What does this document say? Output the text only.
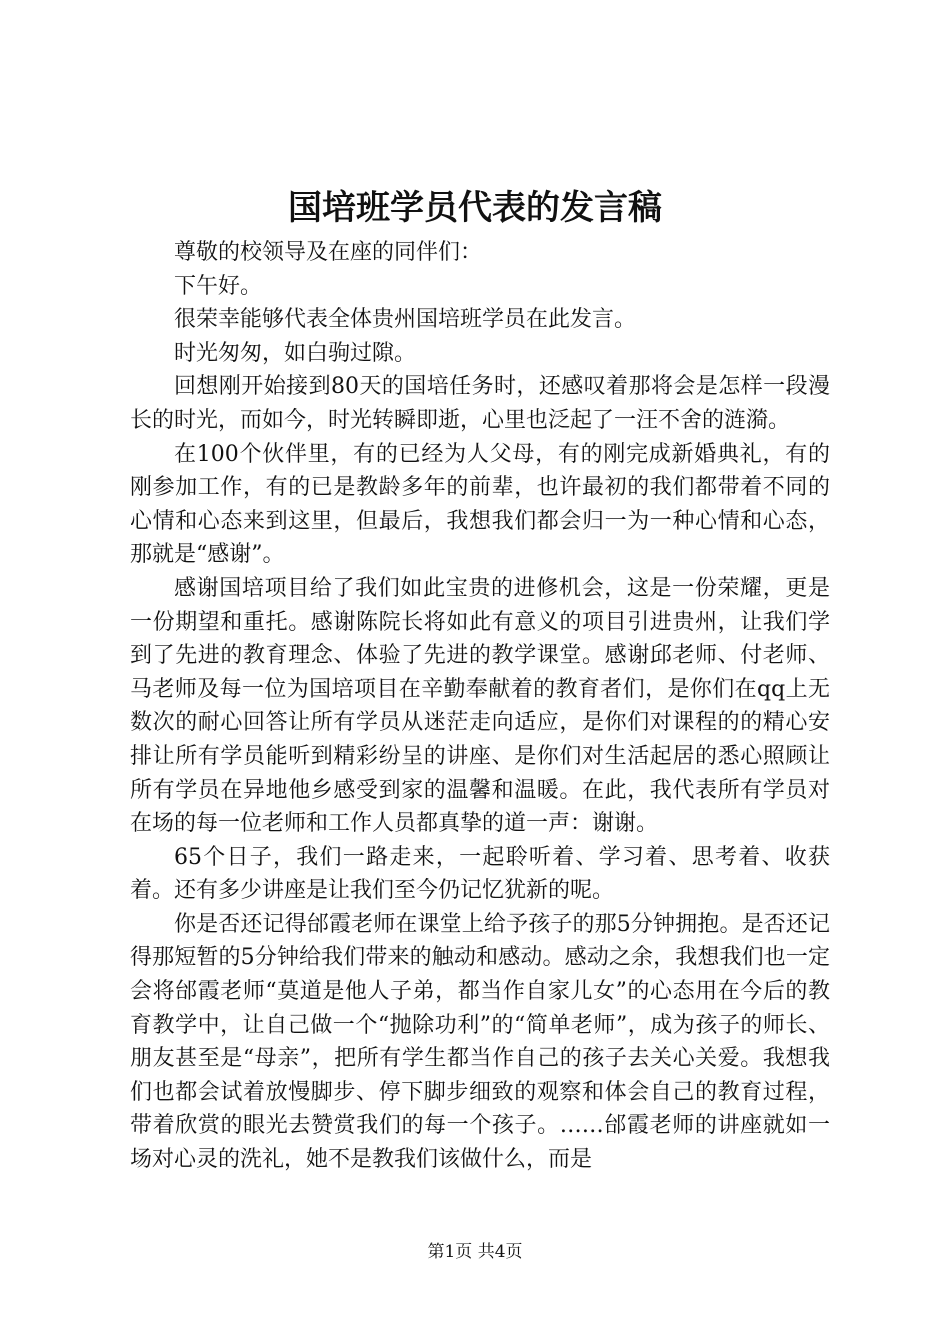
国培班学员代表的发言稿

尊敬的校领导及在座的同伴们：

下午好。

很荣幸能够代表全体贵州国培班学员在此发言。

时光匆匆，如白驹过隙。

回想刚开始接到80天的国培任务时，还感叹着那将会是怎样一段漫长的时光，而如今，时光转瞬即逝，心里也泛起了一汪不舍的涟漪。

在100个伙伴里，有的已经为人父母，有的刚完成新婚典礼，有的刚参加工作，有的已是教龄多年的前辈，也许最初的我们都带着不同的心情和心态来到这里，但最后，我想我们都会归一为一种心情和心态，那就是“感谢”。

感谢国培项目给了我们如此宝贵的进修机会，这是一份荣耀，更是一份期望和重托。感谢陈院长将如此有意义的项目引进贵州，让我们学到了先进的教育理念、体验了先进的教学课堂。感谢邱老师、付老师、马老师及每一位为国培项目在辛勤奉献着的教育者们，是你们在qq上无数次的耐心回答让所有学员从迷茫走向适应，是你们对课程的的精心安排让所有学员能听到精彩纷呈的讲座、是你们对生活起居的悉心照顾让所有学员在异地他乡感受到家的温馨和温暖。在此，我代表所有学员对在场的每一位老师和工作人员都真挚的道一声：谢谢。

65个日子，我们一路走来，一起聆听着、学习着、思考着、收获着。还有多少讲座是让我们至今仍记忆犹新的呢。

你是否还记得邰霞老师在课堂上给予孩子的那5分钟拥抱。是否还记得那短暂的5分钟给我们带来的触动和感动。感动之余，我想我们也一定会将邰霞老师“莫道是他人子弟，都当作自家儿女”的心态用在今后的教育教学中，让自己做一个“抛除功利”的“简单老师”，成为孩子的师长、朋友甚至是“母亲”，把所有学生都当作自己的孩子去关心关爱。我想我们也都会试着放慢脚步、停下脚步细致的观察和体会自己的教育过程，带着欣赏的眼光去赞赏我们的每一个孩子。……邰霞老师的讲座就如一场对心灵的洗礼，她不是教我们该做什么，而是

第1页 共4页
